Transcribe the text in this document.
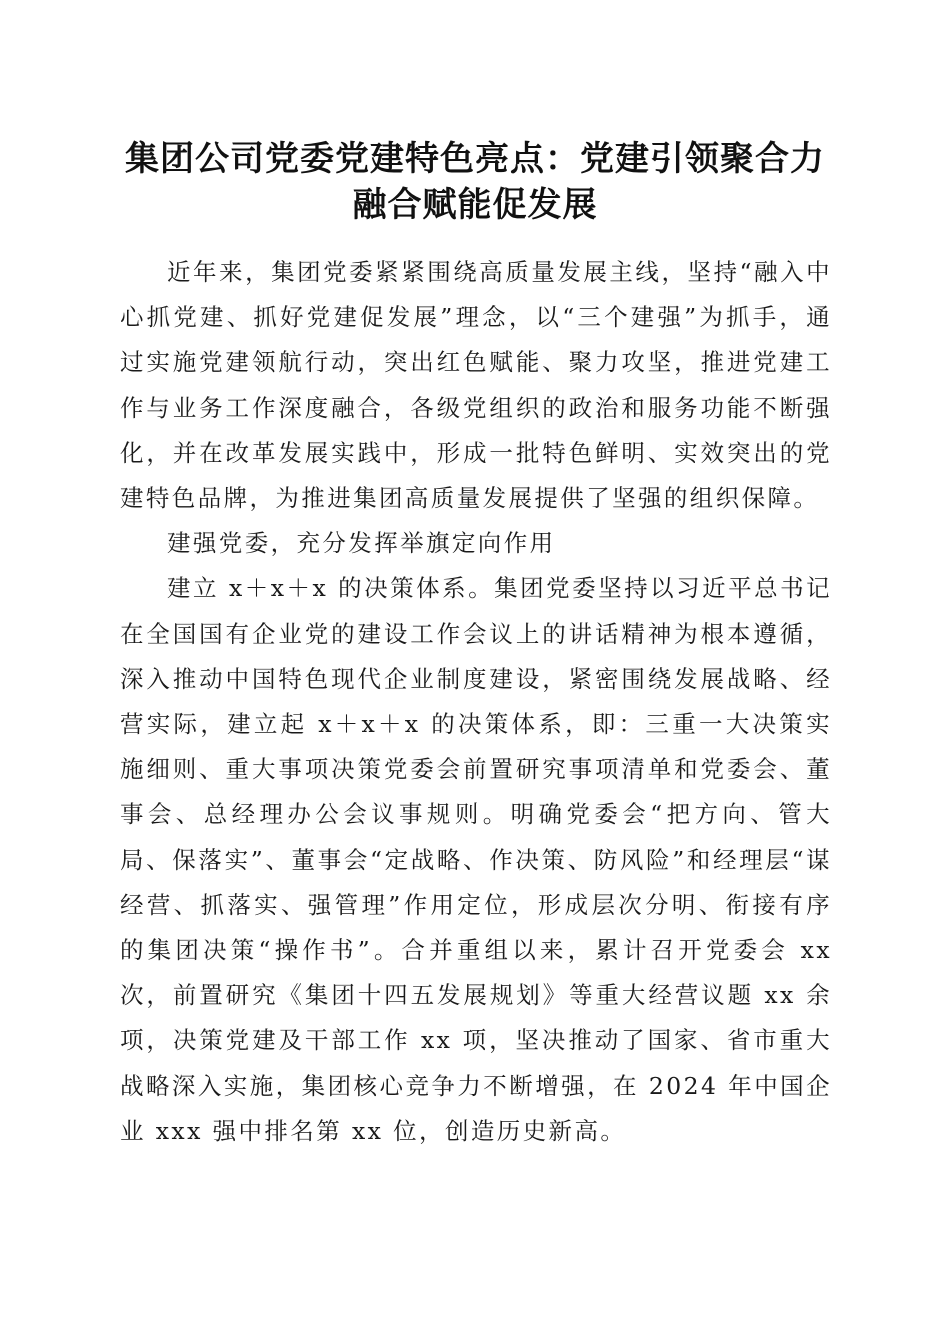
集团公司党委党建特色亮点：党建引领聚合力
融合赋能促发展

近年来，集团党委紧紧围绕高质量发展主线，坚持“融入中心抓党建、抓好党建促发展”理念，以“三个建强”为抓手，通过实施党建领航行动，突出红色赋能、聚力攻坚，推进党建工作与业务工作深度融合，各级党组织的政治和服务功能不断强化，并在改革发展实践中，形成一批特色鲜明、实效突出的党建特色品牌，为推进集团高质量发展提供了坚强的组织保障。

建强党委，充分发挥举旗定向作用

建立 x＋x＋x 的决策体系。集团党委坚持以习近平总书记在全国国有企业党的建设工作会议上的讲话精神为根本遵循，深入推动中国特色现代企业制度建设，紧密围绕发展战略、经营实际，建立起 x＋x＋x 的决策体系，即：三重一大决策实施细则、重大事项决策党委会前置研究事项清单和党委会、董事会、总经理办公会议事规则。明确党委会“把方向、管大局、保落实”、董事会“定战略、作决策、防风险”和经理层“谋经营、抓落实、强管理”作用定位，形成层次分明、衔接有序的集团决策“操作书”。合并重组以来，累计召开党委会 xx 次，前置研究《集团十四五发展规划》等重大经营议题 xx 余项，决策党建及干部工作 xx 项，坚决推动了国家、省市重大战略深入实施，集团核心竞争力不断增强，在 2024 年中国企业 xxx 强中排名第 xx 位，创造历史新高。
